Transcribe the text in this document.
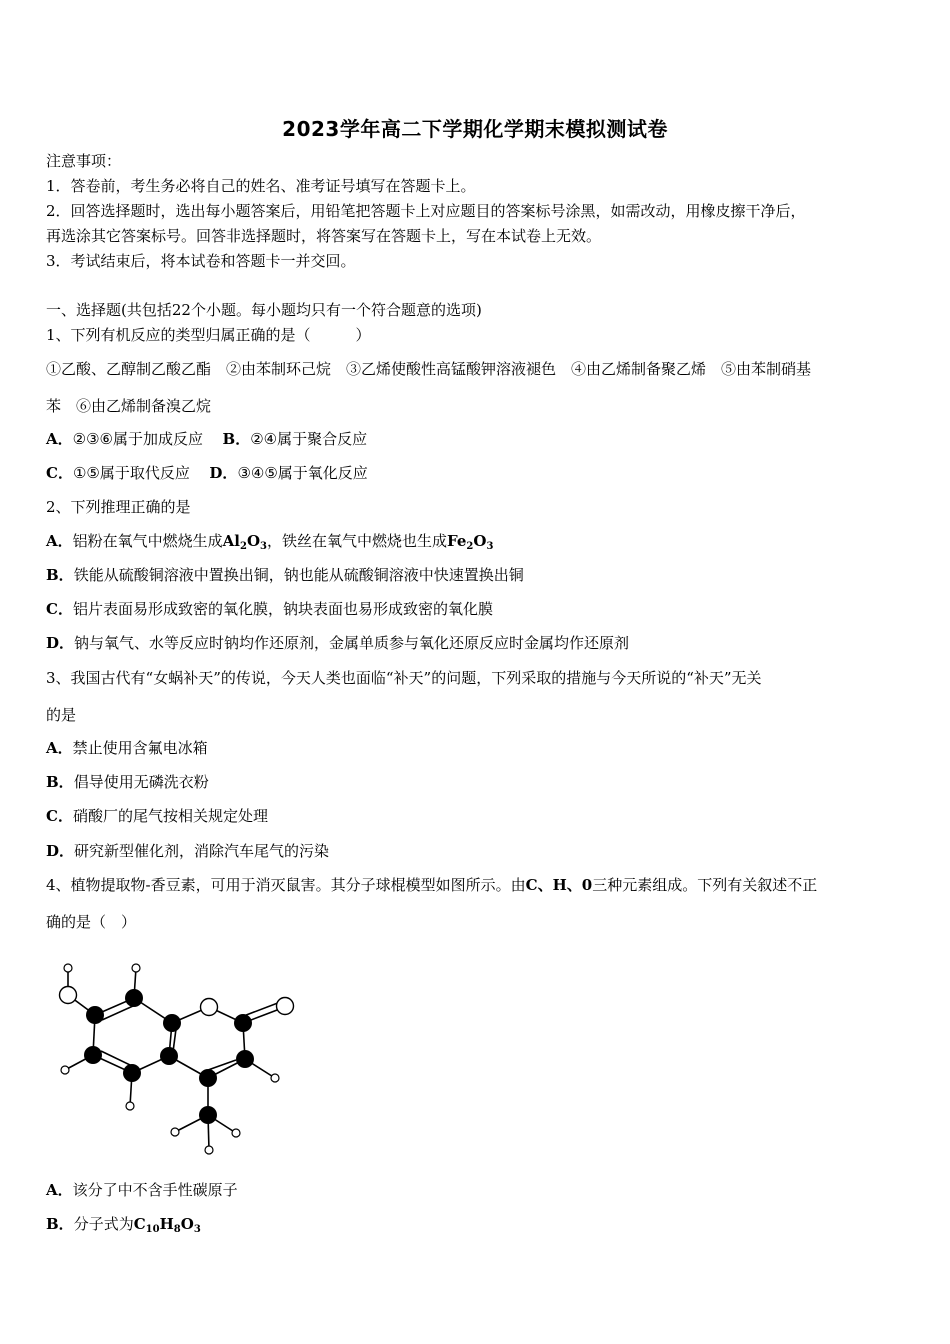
2023学年高二下学期化学期末模拟测试卷
注意事项：
1．答卷前，考生务必将自己的姓名、准考证号填写在答题卡上。
2．回答选择题时，选出每小题答案后，用铅笔把答题卡上对应题目的答案标号涂黑，如需改动，用橡皮擦干净后，
再选涂其它答案标号。回答非选择题时，将答案写在答题卡上，写在本试卷上无效。
3．考试结束后，将本试卷和答题卡一并交回。
一、选择题(共包括22个小题。每小题均只有一个符合题意的选项)
1、下列有机反应的类型归属正确的是（　　　）
①乙酸、乙醇制乙酸乙酯　②由苯制环己烷　③乙烯使酸性高锰酸钾溶液褪色　④由乙烯制备聚乙烯　⑤由苯制硝基
苯　⑥由乙烯制备溴乙烷
A．②③⑥属于加成反应 B．②④属于聚合反应
C．①⑤属于取代反应 D．③④⑤属于氧化反应
2、下列推理正确的是
A．铝粉在氧气中燃烧生成$Al_2O_3$，铁丝在氧气中燃烧也生成$Fe_2O_3$
B．铁能从硫酸铜溶液中置换出铜，钠也能从硫酸铜溶液中快速置换出铜
C．铝片表面易形成致密的氧化膜，钠块表面也易形成致密的氧化膜
D．钠与氧气、水等反应时钠均作还原剂，金属单质参与氧化还原反应时金属均作还原剂
3、我国古代有“女蜗补天”的传说，今天人类也面临“补天”的问题，下列采取的措施与今天所说的“补天”无关
的是
A．禁止使用含氟电冰箱
B．倡导使用无磷洗衣粉
C．硝酸厂的尾气按相关规定处理
D．研究新型催化剂，消除汽车尾气的污染
4、植物提取物-香豆素，可用于消灭鼠害。其分子球棍模型如图所示。由C、H、0三种元素组成。下列有关叙述不正
确的是（　）
A．该分了中不含手性碳原子
B．分子式为$C_{10}H_8O_3$
